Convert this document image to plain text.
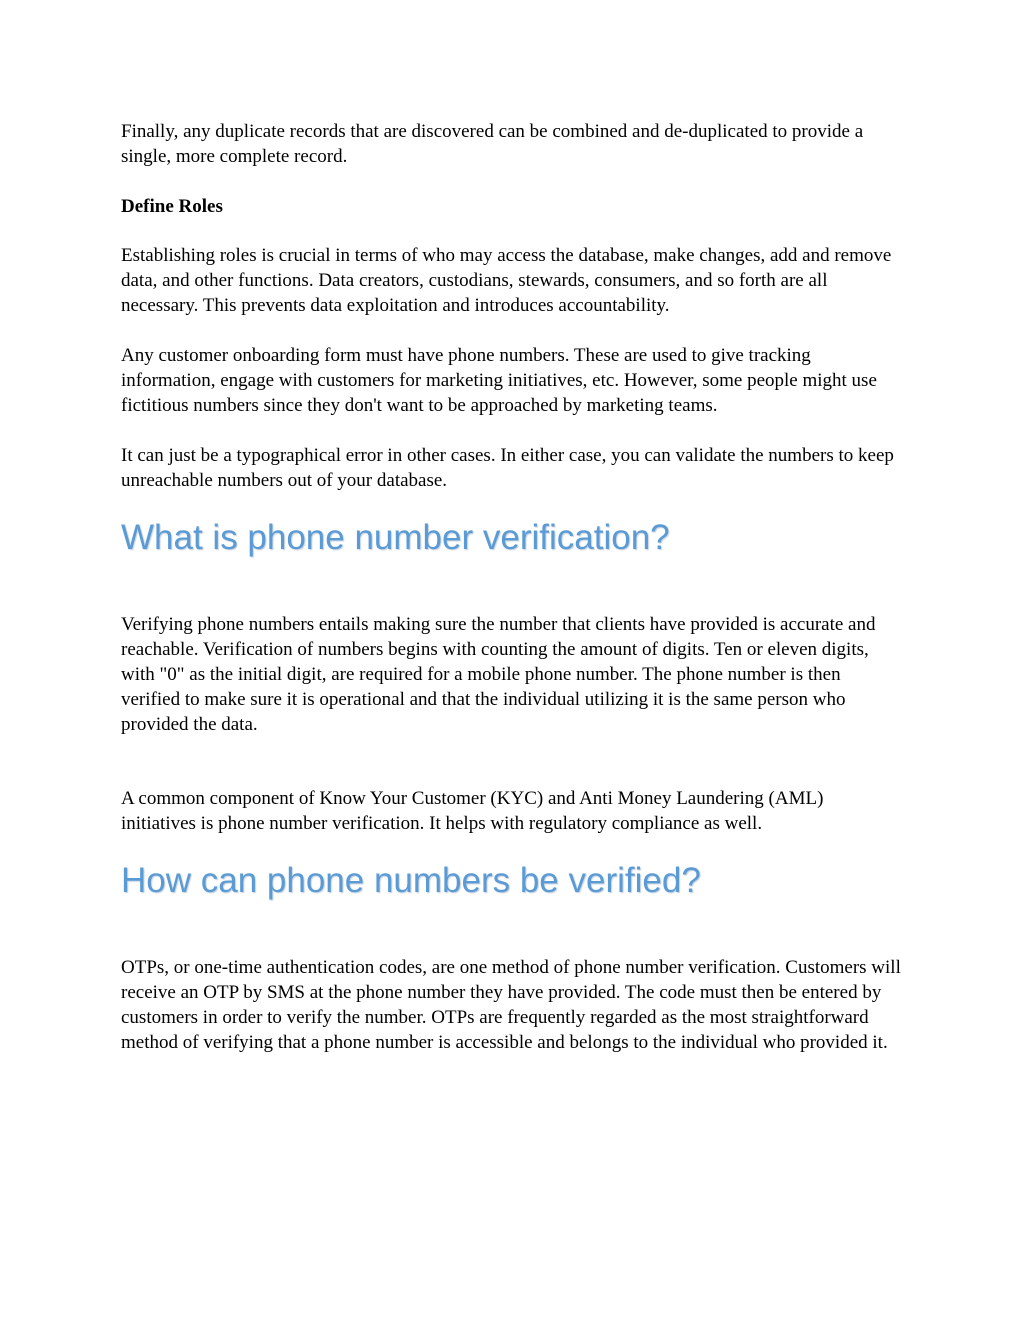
Finally, any duplicate records that are discovered can be combined and de-duplicated to provide a single, more complete record.

Define Roles

Establishing roles is crucial in terms of who may access the database, make changes, add and remove data, and other functions. Data creators, custodians, stewards, consumers, and so forth are all necessary. This prevents data exploitation and introduces accountability.

Any customer onboarding form must have phone numbers. These are used to give tracking information, engage with customers for marketing initiatives, etc. However, some people might use fictitious numbers since they don't want to be approached by marketing teams.

It can just be a typographical error in other cases. In either case, you can validate the numbers to keep unreachable numbers out of your database.

What is phone number verification?

Verifying phone numbers entails making sure the number that clients have provided is accurate and reachable. Verification of numbers begins with counting the amount of digits. Ten or eleven digits, with "0" as the initial digit, are required for a mobile phone number. The phone number is then verified to make sure it is operational and that the individual utilizing it is the same person who provided the data.

A common component of Know Your Customer (KYC) and Anti Money Laundering (AML) initiatives is phone number verification. It helps with regulatory compliance as well.

How can phone numbers be verified?

OTPs, or one-time authentication codes, are one method of phone number verification. Customers will receive an OTP by SMS at the phone number they have provided. The code must then be entered by customers in order to verify the number. OTPs are frequently regarded as the most straightforward method of verifying that a phone number is accessible and belongs to the individual who provided it.
